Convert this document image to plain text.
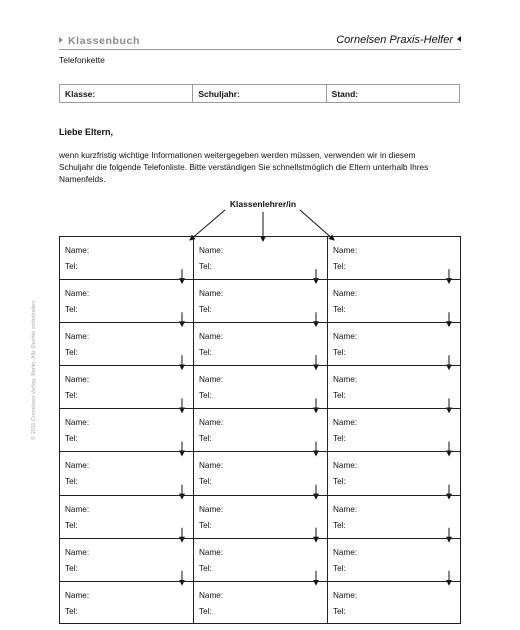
Klassenbuch	Cornelsen Praxis-Helfer
Telefonkette
Klasse:	Schuljahr:	Stand:
Liebe Eltern,
wenn kurzfristig wichtige Informationen weitergegeben werden müssen, verwenden wir in diesem
Schuljahr die folgende Telefonliste. Bitte verständigen Sie schnellstmöglich die Eltern unterhalb Ihres
Namenfelds.
Klassenlehrer/in
Name:
Tel:
Name:
Tel:
Name:
Tel:
Name:
Tel:
Name:
Tel:
Name:
Tel:
Name:
Tel:
Name:
Tel:
Name:
Tel:
Name:
Tel:
Name:
Tel:
Name:
Tel:
Name:
Tel:
Name:
Tel:
Name:
Tel:
Name:
Tel:
Name:
Tel:
Name:
Tel:
Name:
Tel:
Name:
Tel:
Name:
Tel:
Name:
Tel:
Name:
Tel:
Name:
Tel:
Name:
Tel:
Name:
Tel:
Name:
Tel:
© 2011 Cornelsen Verlag, Berlin. Alle Rechte vorbehalten.
